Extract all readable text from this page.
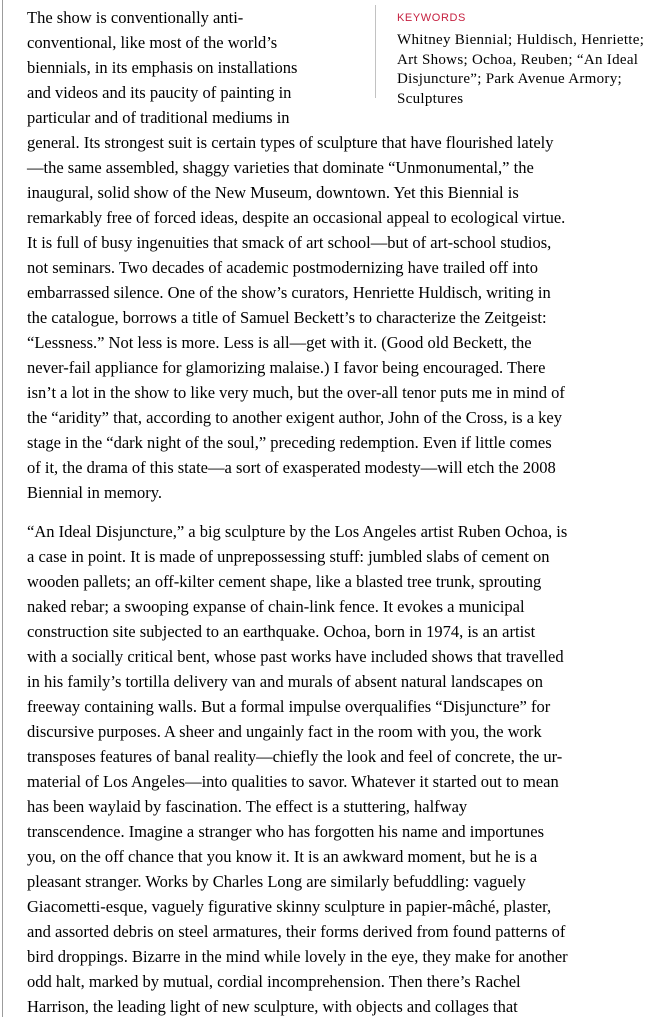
The show is conventionally anti-
conventional, like most of the world’s
biennials, in its emphasis on installations
and videos and its paucity of painting in
particular and of traditional mediums in
general. Its strongest suit is certain types of sculpture that have flourished lately
—the same assembled, shaggy varieties that dominate “Unmonumental,” the
inaugural, solid show of the New Museum, downtown. Yet this Biennial is
remarkably free of forced ideas, despite an occasional appeal to ecological virtue.
It is full of busy ingenuities that smack of art school—but of art-school studios,
not seminars. Two decades of academic postmodernizing have trailed off into
embarrassed silence. One of the show’s curators, Henriette Huldisch, writing in
the catalogue, borrows a title of Samuel Beckett’s to characterize the Zeitgeist:
“Lessness.” Not less is more. Less is all—get with it. (Good old Beckett, the
never-fail appliance for glamorizing malaise.) I favor being encouraged. There
isn’t a lot in the show to like very much, but the over-all tenor puts me in mind of
the “aridity” that, according to another exigent author, John of the Cross, is a key
stage in the “dark night of the soul,” preceding redemption. Even if little comes
of it, the drama of this state—a sort of exasperated modesty—will etch the 2008
Biennial in memory.
“An Ideal Disjuncture,” a big sculpture by the Los Angeles artist Ruben Ochoa, is
a case in point. It is made of unprepossessing stuff: jumbled slabs of cement on
wooden pallets; an off-kilter cement shape, like a blasted tree trunk, sprouting
naked rebar; a swooping expanse of chain-link fence. It evokes a municipal
construction site subjected to an earthquake. Ochoa, born in 1974, is an artist
with a socially critical bent, whose past works have included shows that travelled
in his family’s tortilla delivery van and murals of absent natural landscapes on
freeway containing walls. But a formal impulse overqualifies “Disjuncture” for
discursive purposes. A sheer and ungainly fact in the room with you, the work
transposes features of banal reality—chiefly the look and feel of concrete, the ur-
material of Los Angeles—into qualities to savor. Whatever it started out to mean
has been waylaid by fascination. The effect is a stuttering, halfway
transcendence. Imagine a stranger who has forgotten his name and importunes
you, on the off chance that you know it. It is an awkward moment, but he is a
pleasant stranger. Works by Charles Long are similarly befuddling: vaguely
Giacometti-esque, vaguely figurative skinny sculpture in papier-mâché, plaster,
and assorted debris on steel armatures, their forms derived from found patterns of
bird droppings. Bizarre in the mind while lovely in the eye, they make for another
odd halt, marked by mutual, cordial incomprehension. Then there’s Rachel
Harrison, the leading light of new sculpture, with objects and collages that
KEYWORDS
Whitney Biennial; Huldisch, Henriette;
Art Shows; Ochoa, Reuben; “An Ideal
Disjuncture”; Park Avenue Armory;
Sculptures
